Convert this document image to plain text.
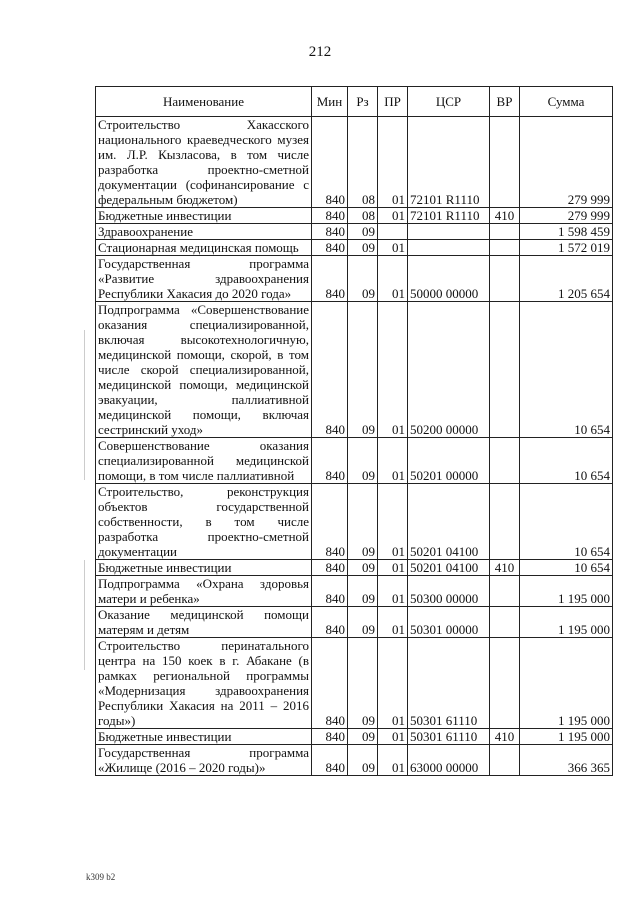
212
Наименование	Мин	Рз	ПР	ЦСР	ВР	Сумма
Строительство Хакасского национального краеведческого музея им. Л.Р. Кызласова, в том числе разработка проектно-сметной документации (софинансирование с федеральным бюджетом)	840	08	01	72101 R1110		279 999
Бюджетные инвестиции	840	08	01	72101 R1110	410	279 999
Здравоохранение	840	09				1 598 459
Стационарная медицинская помощь	840	09	01			1 572 019
Государственная программа «Развитие здравоохранения Республики Хакасия до 2020 года»	840	09	01	50000 00000		1 205 654
Подпрограмма «Совершенствование оказания специализированной, включая высокотехнологичную, медицинской помощи, скорой, в том числе скорой специализированной, медицинской помощи, медицинской эвакуации, паллиативной медицинской помощи, включая сестринский уход»	840	09	01	50200 00000		10 654
Совершенствование оказания специализированной медицинской помощи, в том числе паллиативной	840	09	01	50201 00000		10 654
Строительство, реконструкция объектов государственной собственности, в том числе разработка проектно-сметной документации	840	09	01	50201 04100		10 654
Бюджетные инвестиции	840	09	01	50201 04100	410	10 654
Подпрограмма «Охрана здоровья матери и ребенка»	840	09	01	50300 00000		1 195 000
Оказание медицинской помощи матерям и детям	840	09	01	50301 00000		1 195 000
Строительство перинатального центра на 150 коек в г. Абакане (в рамках региональной программы «Модернизация здравоохранения Республики Хакасия на 2011 – 2016 годы»)	840	09	01	50301 61110		1 195 000
Бюджетные инвестиции	840	09	01	50301 61110	410	1 195 000
Государственная программа «Жилище (2016 – 2020 годы)»	840	09	01	63000 00000		366 365
k309 b2
